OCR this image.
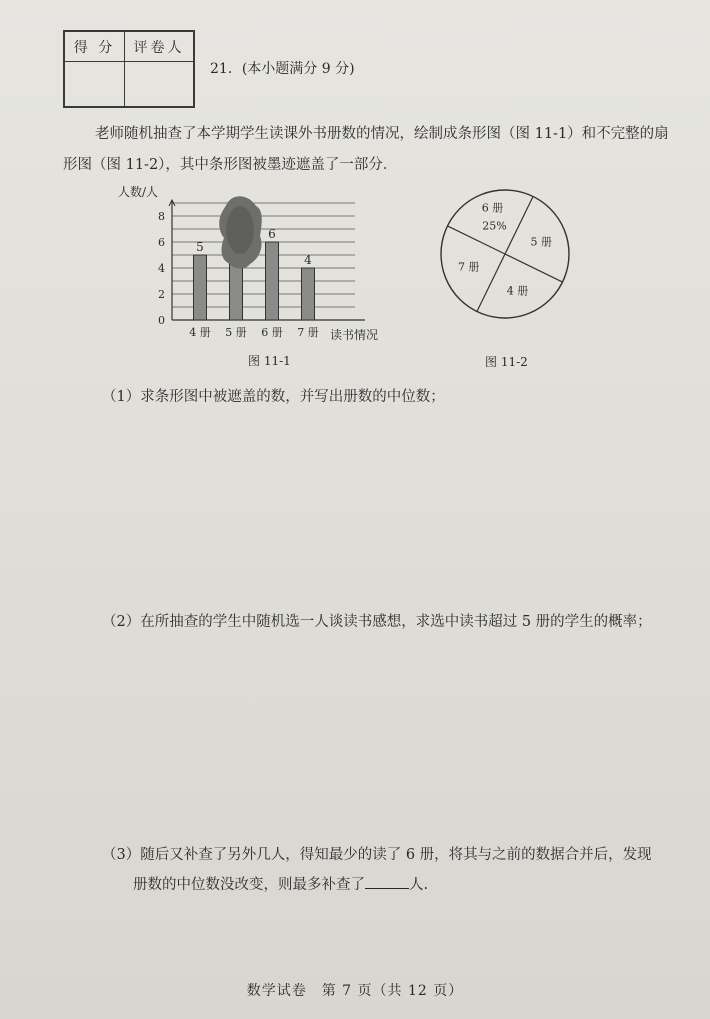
得 分	评卷人
21．(本小题满分 9 分)
老师随机抽查了本学期学生读课外书册数的情况，绘制成条形图（图 11-1）和不完整的扇形图（图 11-2），其中条形图被墨迹遮盖了一部分．
人数/人
读书情况
0
2
4
6
8
4 册 5 册 6 册 7 册
5
6
4
图 11-1
6 册
25%
5 册
4 册
7 册
图 11-2
（1）求条形图中被遮盖的数，并写出册数的中位数；
（2）在所抽查的学生中随机选一人谈读书感想，求选中读书超过 5 册的学生的概率；
（3）随后又补查了另外几人，得知最少的读了 6 册，将其与之前的数据合并后，发现
册数的中位数没改变，则最多补查了	人.
数学试卷　第 7 页（共 12 页）
